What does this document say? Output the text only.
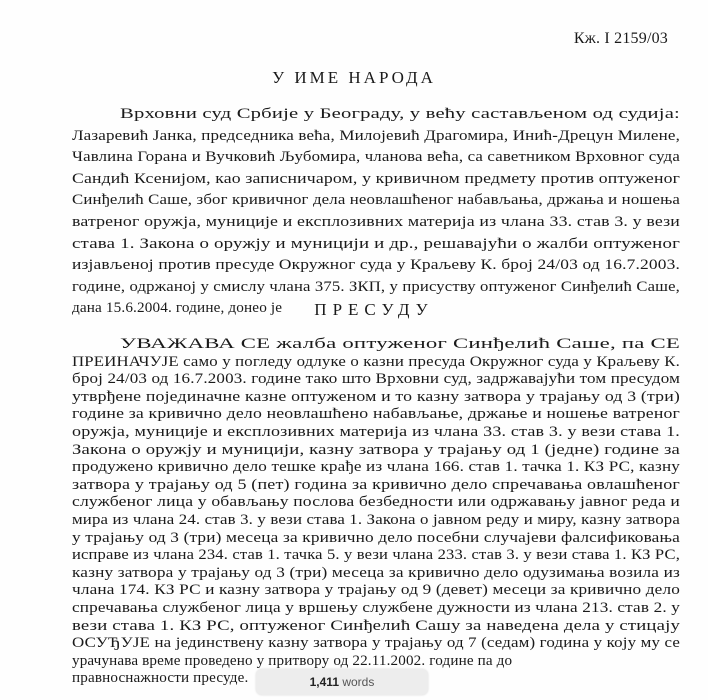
Кж. I 2159/03
У ИМЕ НАРОДА
Врховни суд Србије у Београду, у већу састављеном од судија:
Лазаревић Јанка, председника већа, Милојевић Драгомира, Инић-Дрецун Милене,
Чавлина Горана и Вучковић Љубомира, чланова већа, са саветником Врховног суда
Сандић Ксенијом, као записничаром, у кривичном предмету против оптуженог
Синђелић Саше, због кривичног дела неовлашћеног набављања, држања и ношења
ватреног оружја, муниције и експлозивних материја из члана 33. став 3. у вези
става 1. Закона о оружју и муницији и др., решавајући о жалби оптуженог
изјављеној против пресуде Окружног суда у Краљеву К. број 24/03 од 16.7.2003.
године, одржаној у смислу члана 375. ЗКП, у присуству оптуженог Синђелић Саше,
дана 15.6.2004. године, донео је	ПРЕСУДУ
УВАЖАВА СЕ жалба оптуженог Синђелић Саше, па СЕ
ПРЕИНАЧУЈЕ само у погледу одлуке о казни пресуда Окружног суда у Краљеву К.
број 24/03 од 16.7.2003. године тако што Врховни суд, задржавајући том пресудом
утврђене појединачне казне оптуженом и то казну затвора у трајању од 3 (три)
године за кривично дело неовлашћено набављање, држање и ношење ватреног
оружја, муниције и експлозивних материја из члана 33. став 3. у вези става 1.
Закона о оружју и муницији, казну затвора у трајању од 1 (једне) године за
продужено кривично дело тешке крађе из члана 166. став 1. тачка 1. КЗ РС, казну
затвора у трајању од 5 (пет) година за кривично дело спречавања овлашћеног
службеног лица у обављању послова безбедности или одржавању јавног реда и
мира из члана 24. став 3. у вези става 1. Закона о јавном реду и миру, казну затвора
у трајању од 3 (три) месеца за кривично дело посебни случајеви фалсификовања
исправе из члана 234. став 1. тачка 5. у вези члана 233. став 3. у вези става 1. КЗ РС,
казну затвора у трајању од 3 (три) месеца за кривично дело одузимања возила из
члана 174. КЗ РС и казну затвора у трајању од 9 (девет) месеци за кривично дело
спречавања службеног лица у вршењу службене дужности из члана 213. став 2. у
вези става 1. КЗ РС, оптуженог Синђелић Сашу за наведена дела у стицају
ОСУЂУЈЕ на јединствену казну затвора у трајању од 7 (седам) година у коју му се
урачунава време проведено у притвору од 22.11.2002. године па до
правноснажности пресуде.	1,411 words
